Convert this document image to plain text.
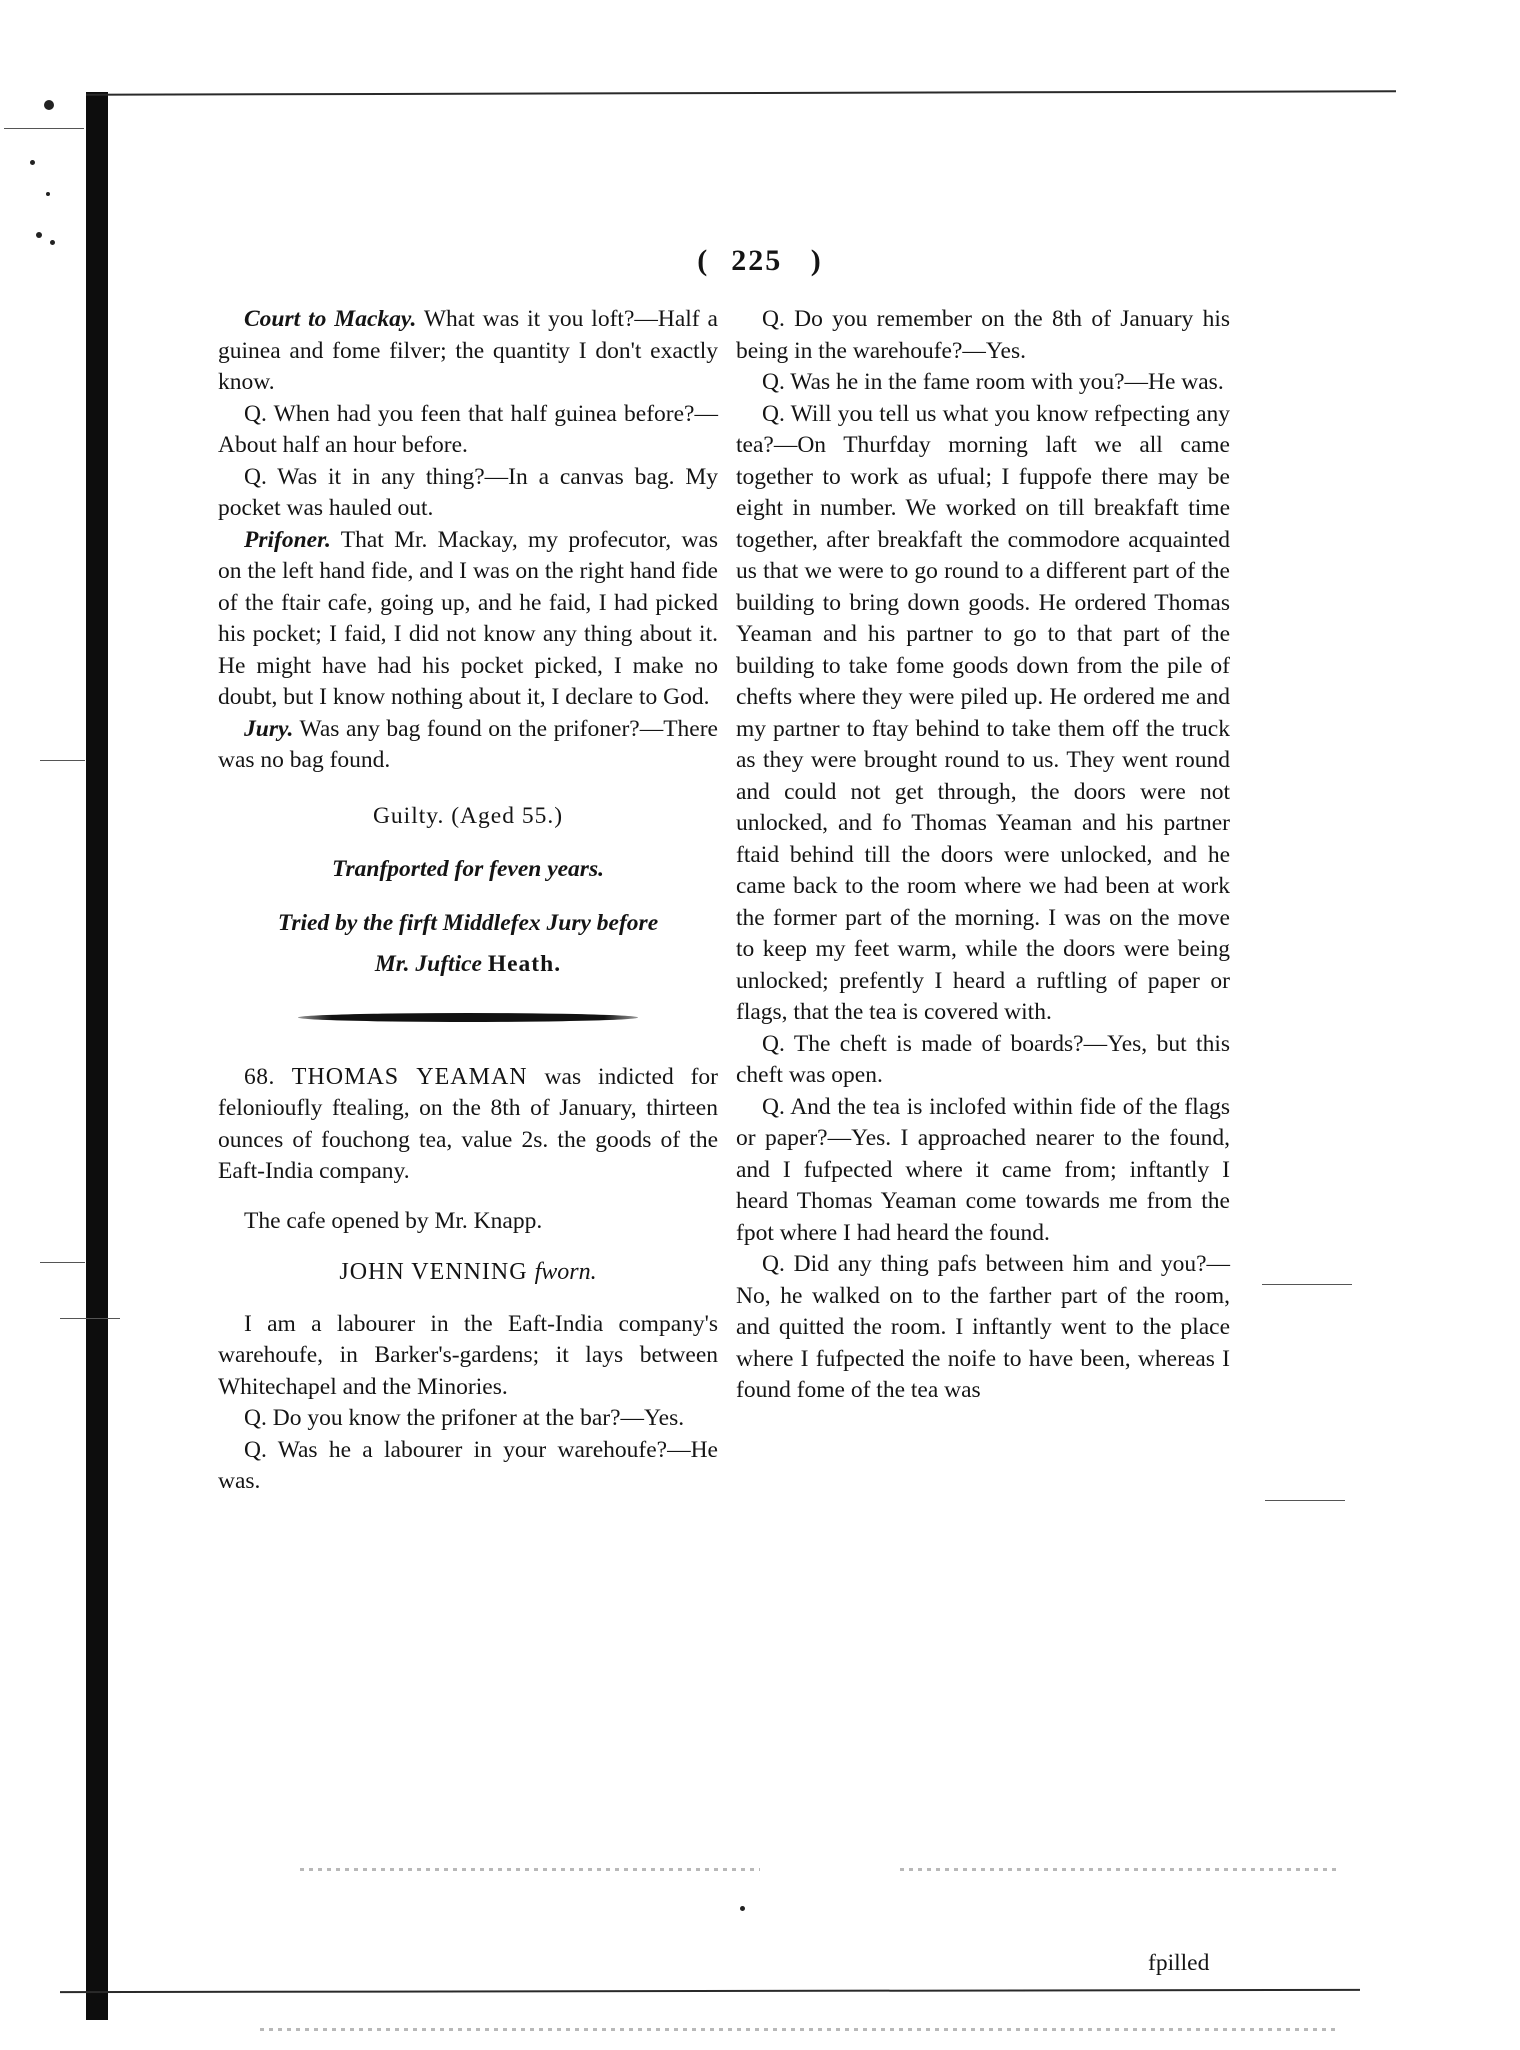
( 225   )

Court to Mackay. What was it you loft?—Half a guinea and fome filver; the quantity I don't exactly know.

Q. When had you feen that half guinea before?—About half an hour before.

Q. Was it in any thing?—In a canvas bag. My pocket was hauled out.

Prifoner. That Mr. Mackay, my profecutor, was on the left hand fide, and I was on the right hand fide of the ftair cafe, going up, and he faid, I had picked his pocket; I faid, I did not know any thing about it. He might have had his pocket picked, I make no doubt, but I know nothing about it, I declare to God.

Jury. Was any bag found on the prifoner?—There was no bag found.

Guilty. (Aged 55.)

Tranfported for feven years.

Tried by the firft Middlefex Jury before

Mr. Juftice Heath.

68. THOMAS YEAMAN was indicted for felonioufly ftealing, on the 8th of January, thirteen ounces of fouchong tea, value 2s. the goods of the Eaft-India company.

The cafe opened by Mr. Knapp.

JOHN VENNING fworn.

I am a labourer in the Eaft-India company's warehoufe, in Barker's-gardens; it lays between Whitechapel and the Minories.

Q. Do you know the prifoner at the bar?—Yes.

Q. Was he a labourer in your warehoufe?—He was.

Q. Do you remember on the 8th of January his being in the warehoufe?—Yes.

Q. Was he in the fame room with you?—He was.

Q. Will you tell us what you know refpecting any tea?—On Thurfday morning laft we all came together to work as ufual; I fuppofe there may be eight in number. We worked on till breakfaft time together, after breakfaft the commodore acquainted us that we were to go round to a different part of the building to bring down goods. He ordered Thomas Yeaman and his partner to go to that part of the building to take fome goods down from the pile of chefts where they were piled up. He ordered me and my partner to ftay behind to take them off the truck as they were brought round to us. They went round and could not get through, the doors were not unlocked, and fo Thomas Yeaman and his partner ftaid behind till the doors were unlocked, and he came back to the room where we had been at work the former part of the morning. I was on the move to keep my feet warm, while the doors were being unlocked; prefently I heard a ruftling of paper or flags, that the tea is covered with.

Q. The cheft is made of boards?—Yes, but this cheft was open.

Q. And the tea is inclofed within fide of the flags or paper?—Yes. I approached nearer to the found, and I fufpected where it came from; inftantly I heard Thomas Yeaman come towards me from the fpot where I had heard the found.

Q. Did any thing pafs between him and you?—No, he walked on to the farther part of the room, and quitted the room. I inftantly went to the place where I fufpected the noife to have been, whereas I found fome of the tea was

fpilled
